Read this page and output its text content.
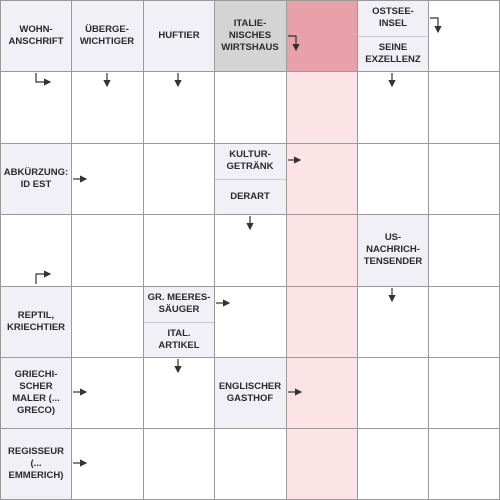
WOHN-
ANSCHRIFT
ÜBERGE-
WICHTIGER
HUFTIER
ITALIE-
NISCHES
WIRTSHAUS
OSTSEE-
INSEL
SEINE
EXZELLENZ
ABKÜRZUNG:
ID EST
KULTUR-
GETRÄNK
DERART
US-
NACHRICH-
TENSENDER
REPTIL,
KRIECHTIER
GR. MEERES-
SÄUGER
ITAL.
ARTIKEL
GRIECHI-
SCHER
MALER (...
GRECO)
ENGLISCHER
GASTHOF
REGISSEUR
(...
EMMERICH)
